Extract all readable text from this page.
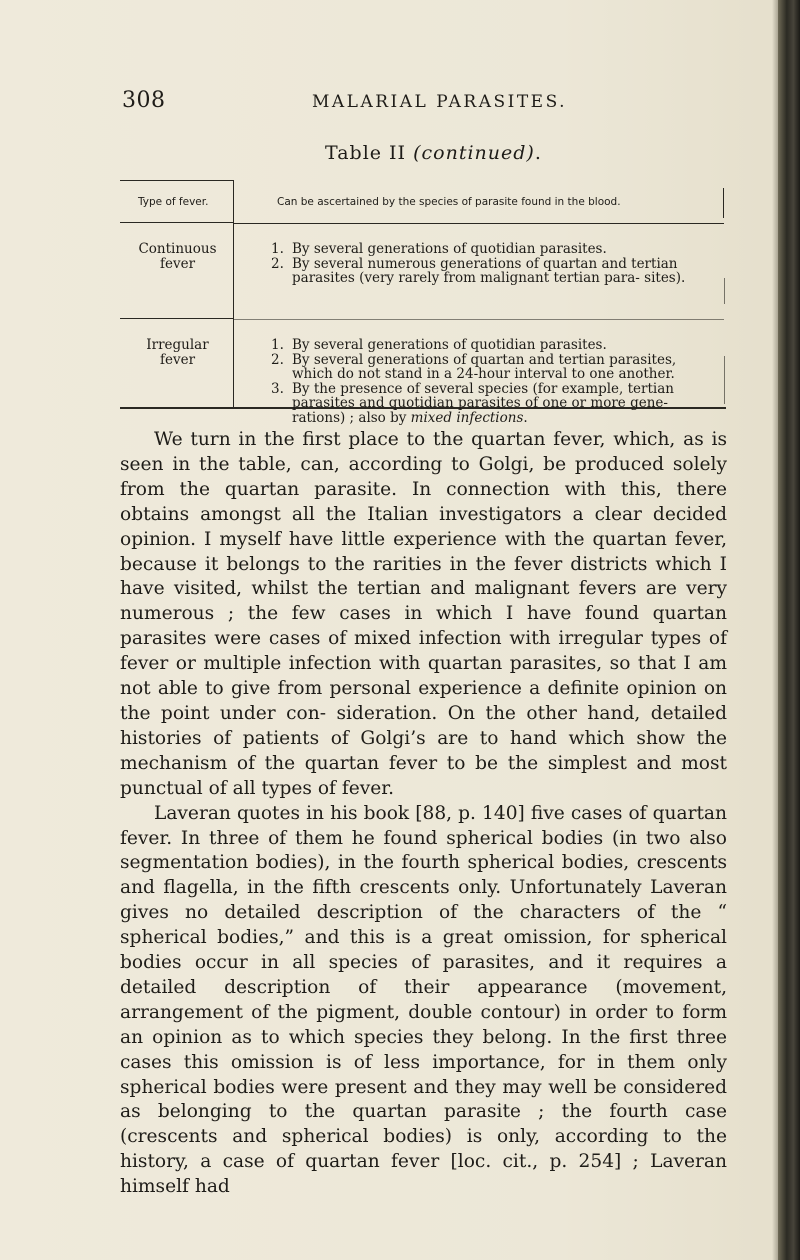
308	MALARIAL PARASITES.
Table II (continued).
Type of fever.	Can be ascertained by the species of parasite found in the blood.
Continuous
fever
1. By several generations of quotidian parasites.
2. By several numerous generations of quartan and tertian parasites (very rarely from malignant tertian para- sites).
Irregular
fever
1. By several generations of quotidian parasites.
2. By several generations of quartan and tertian parasites, which do not stand in a 24-hour interval to one another.
3. By the presence of several species (for example, tertian parasites and quotidian parasites of one or more gene- rations) ; also by mixed infections.

We turn in the first place to the quartan fever, which, as is seen in the table, can, according to Golgi, be produced solely from the quartan parasite. In connection with this, there obtains amongst all the Italian investigators a clear decided opinion. I myself have little experience with the quartan fever, because it belongs to the rarities in the fever districts which I have visited, whilst the tertian and malignant fevers are very numerous ; the few cases in which I have found quartan parasites were cases of mixed infection with irregular types of fever or multiple infection with quartan parasites, so that I am not able to give from personal experience a definite opinion on the point under con- sideration. On the other hand, detailed histories of patients of Golgi’s are to hand which show the mechanism of the quartan fever to be the simplest and most punctual of all types of fever.

Laveran quotes in his book [88, p. 140] five cases of quartan fever. In three of them he found spherical bodies (in two also segmentation bodies), in the fourth spherical bodies, crescents and flagella, in the fifth crescents only. Unfortunately Laveran gives no detailed description of the characters of the “ spherical bodies,” and this is a great omission, for spherical bodies occur in all species of parasites, and it requires a detailed description of their appearance (movement, arrangement of the pigment, double contour) in order to form an opinion as to which species they belong. In the first three cases this omission is of less importance, for in them only spherical bodies were present and they may well be considered as belonging to the quartan parasite ; the fourth case (crescents and spherical bodies) is only, according to the history, a case of quartan fever [loc. cit., p. 254] ; Laveran himself had
